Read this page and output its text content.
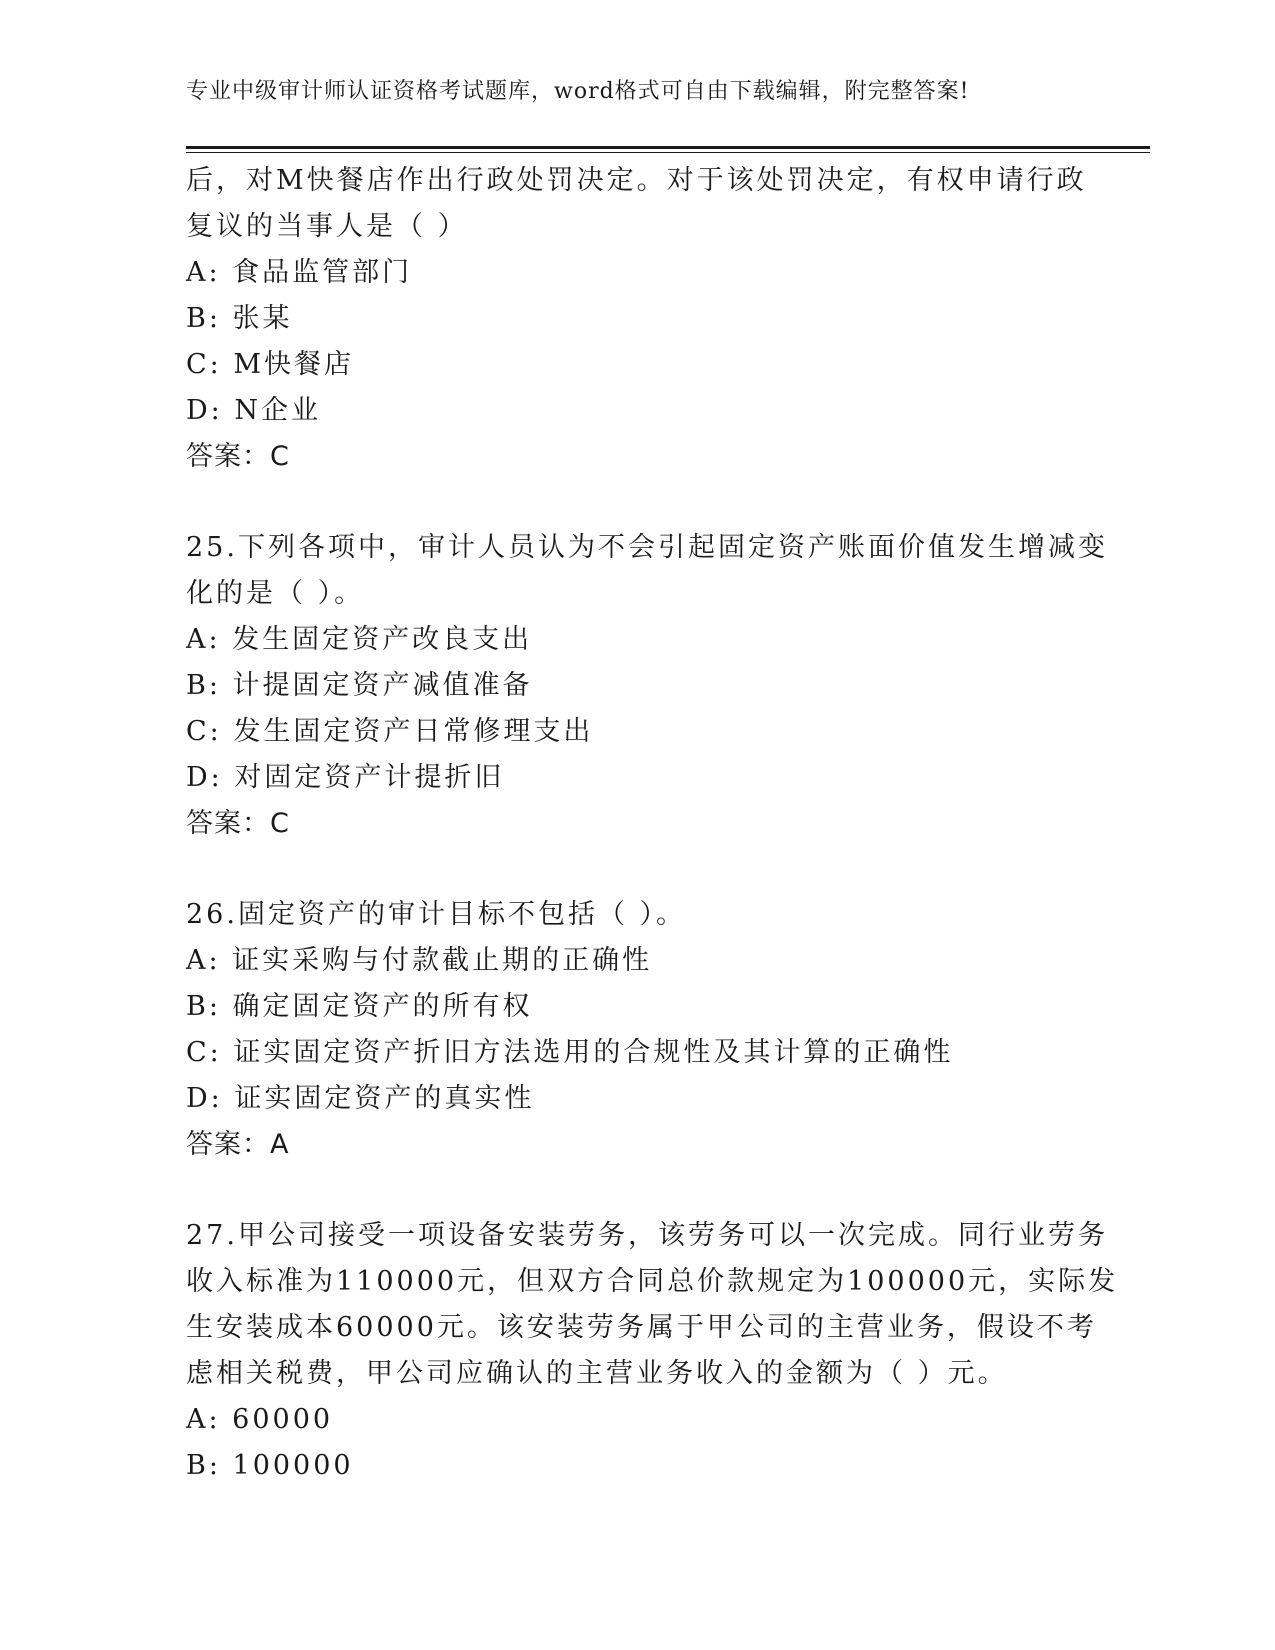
专业中级审计师认证资格考试题库，word格式可自由下载编辑，附完整答案!
后，对M快餐店作出行政处罚决定。对于该处罚决定，有权申请行政
复议的当事人是（ ）
A: 食品监管部门
B: 张某
C: M快餐店
D: N企业
答案：C
25.下列各项中，审计人员认为不会引起固定资产账面价值发生增减变
化的是（ ）。
A: 发生固定资产改良支出
B: 计提固定资产减值准备
C: 发生固定资产日常修理支出
D: 对固定资产计提折旧
答案：C
26.固定资产的审计目标不包括（ ）。
A: 证实采购与付款截止期的正确性
B: 确定固定资产的所有权
C: 证实固定资产折旧方法选用的合规性及其计算的正确性
D: 证实固定资产的真实性
答案：A
27.甲公司接受一项设备安装劳务，该劳务可以一次完成。同行业劳务
收入标准为110000元，但双方合同总价款规定为100000元，实际发
生安装成本60000元。该安装劳务属于甲公司的主营业务，假设不考
虑相关税费，甲公司应确认的主营业务收入的金额为（ ）元。
A: 60000
B: 100000
